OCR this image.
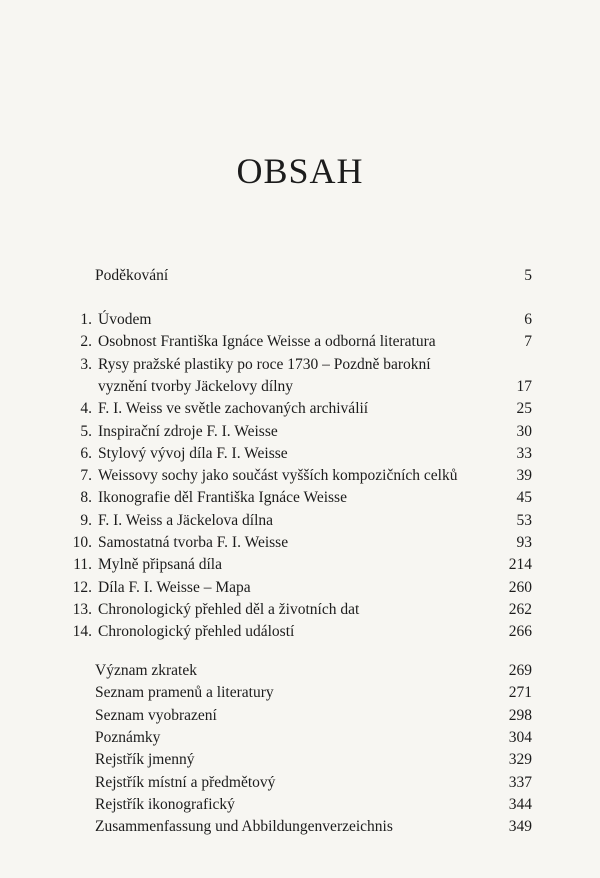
OBSAH
Poděkování	5
1. Úvodem	6
2. Osobnost Františka Ignáce Weisse a odborná literatura	7
3. Rysy pražské plastiky po roce 1730 – Pozdně barokní
vyznění tvorby Jäckelovy dílny	17
4. F. I. Weiss ve světle zachovaných archiválií	25
5. Inspirační zdroje F. I. Weisse	30
6. Stylový vývoj díla F. I. Weisse	33
7. Weissovy sochy jako součást vyšších kompozičních celků	39
8. Ikonografie děl Františka Ignáce Weisse	45
9. F. I. Weiss a Jäckelova dílna	53
10. Samostatná tvorba F. I. Weisse	93
11. Mylně připsaná díla	214
12. Díla F. I. Weisse – Mapa	260
13. Chronologický přehled děl a životních dat	262
14. Chronologický přehled událostí	266
Význam zkratek	269
Seznam pramenů a literatury	271
Seznam vyobrazení	298
Poznámky	304
Rejstřík jmenný	329
Rejstřík místní a předmětový	337
Rejstřík ikonografický	344
Zusammenfassung und Abbildungenverzeichnis	349
